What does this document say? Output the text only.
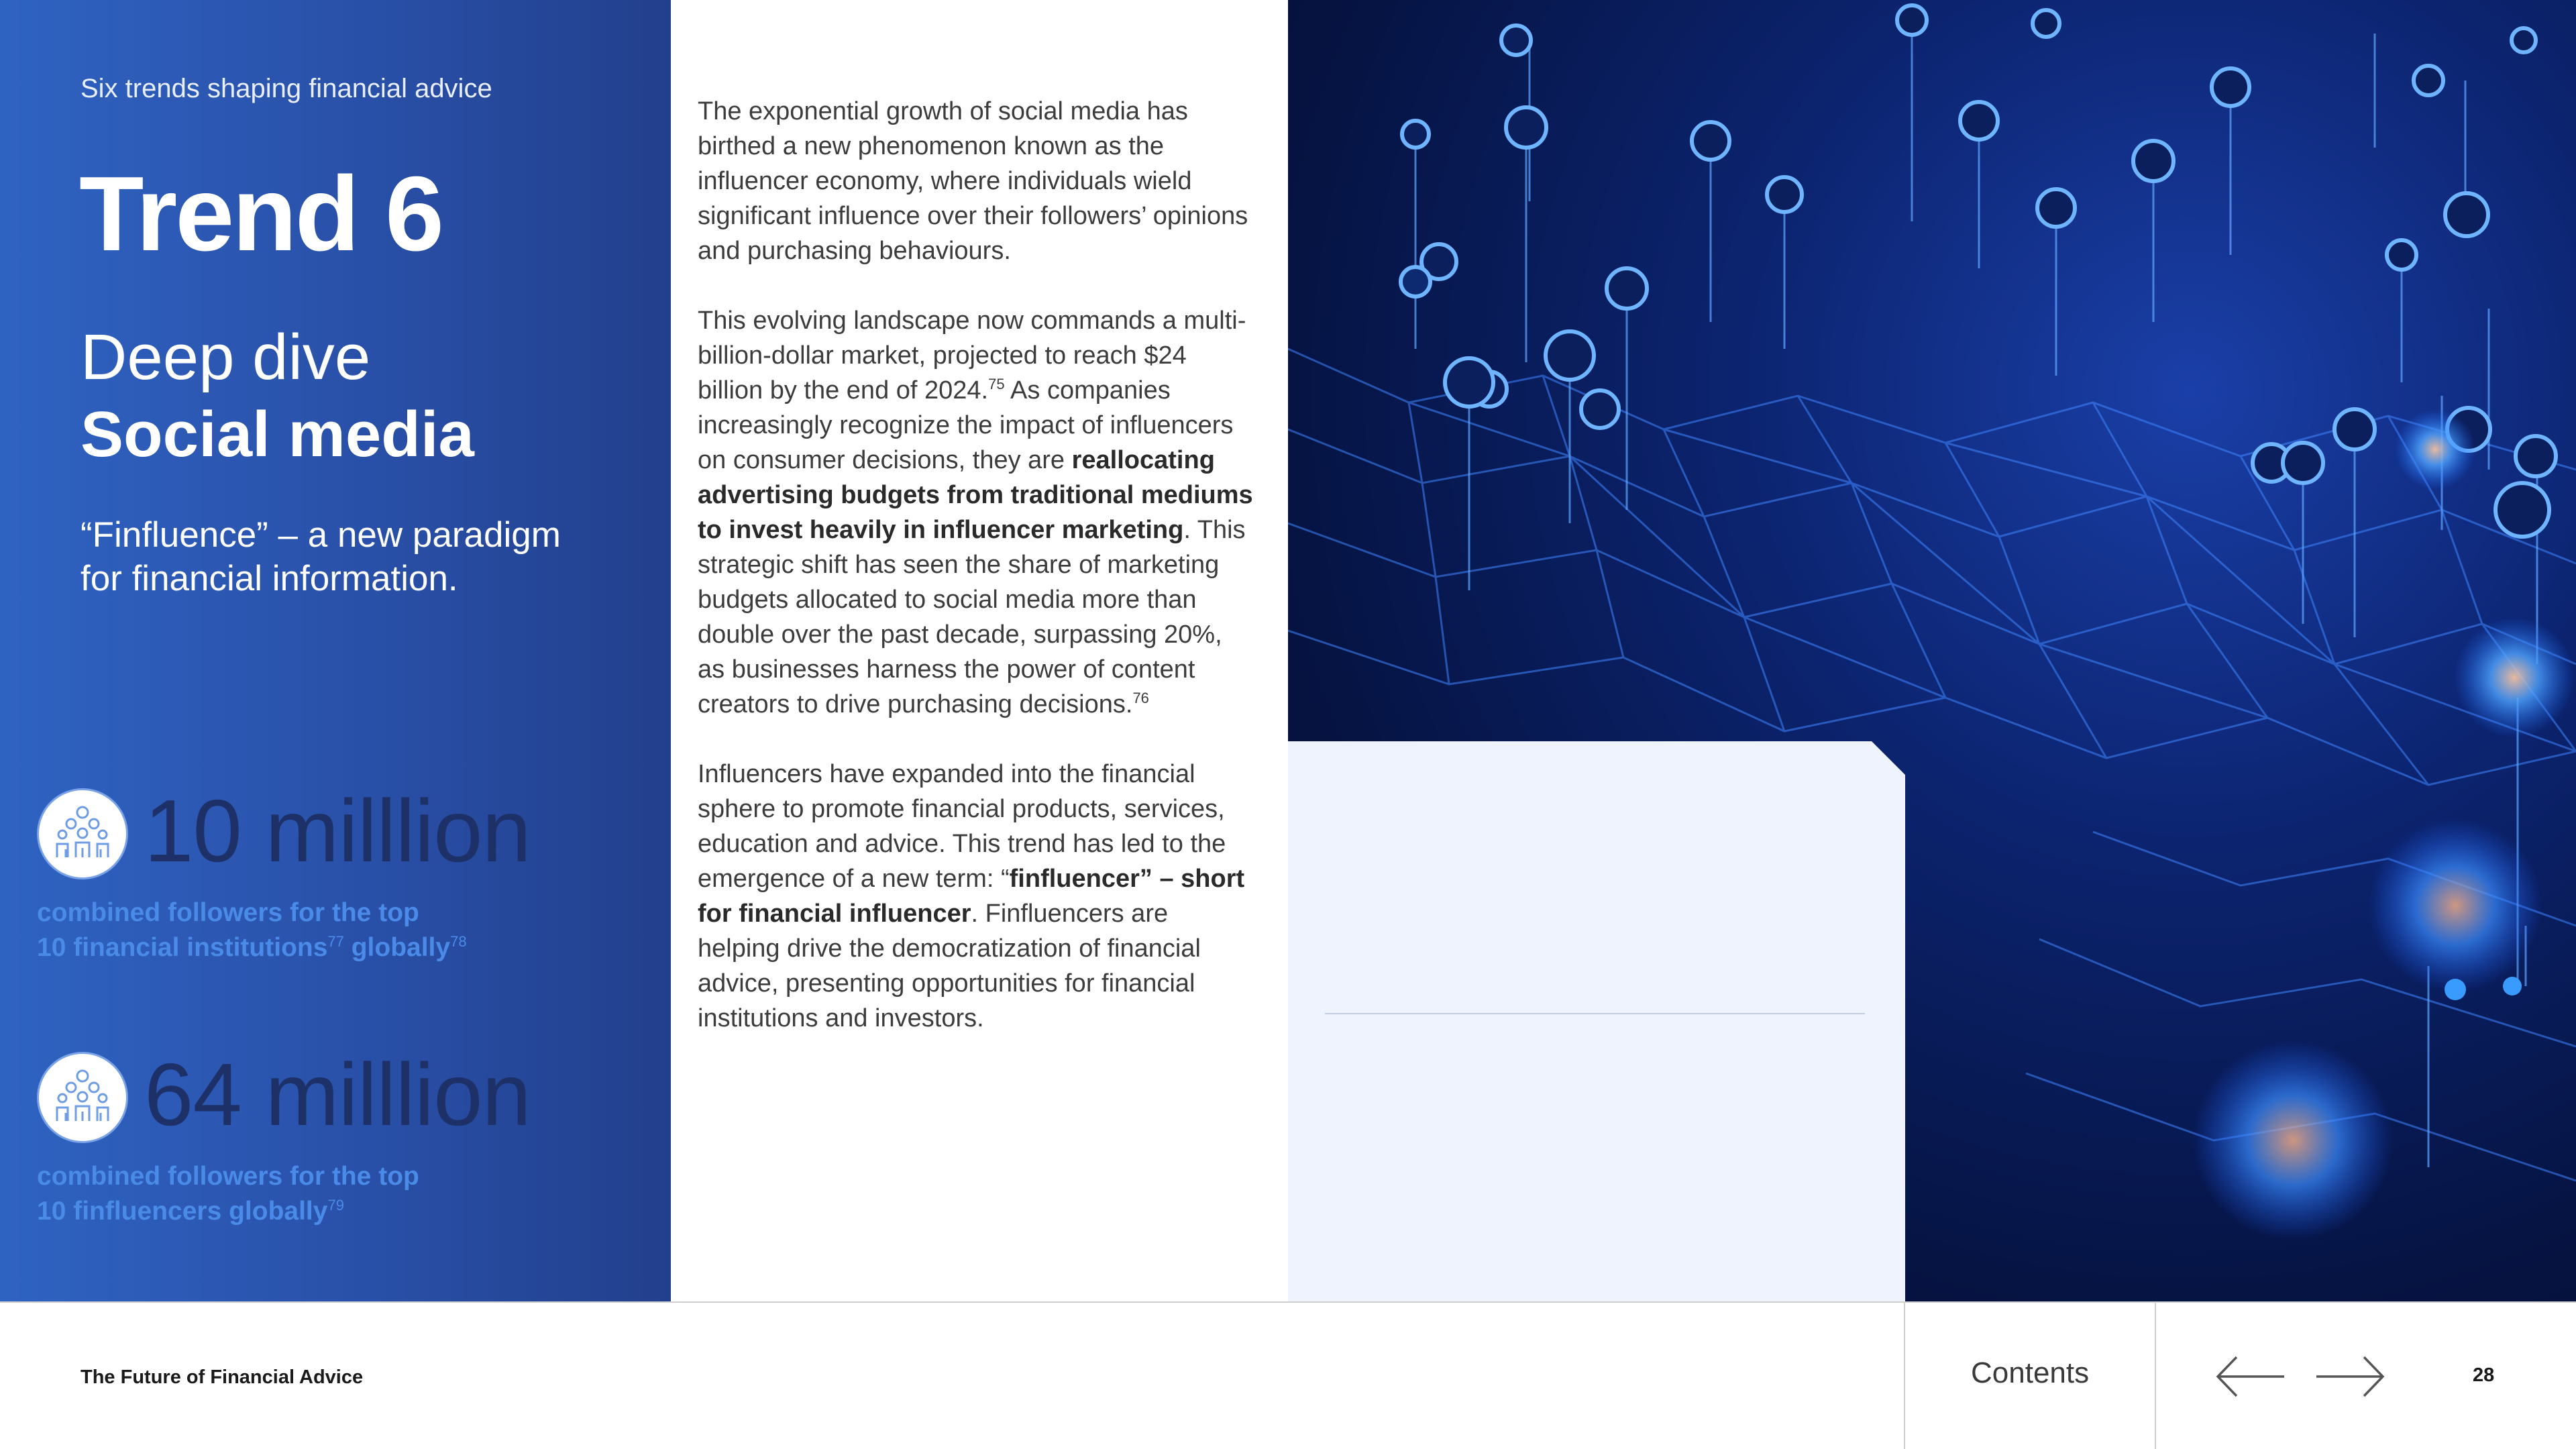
Six trends shaping financial advice
Trend 6
Deep dive
Social media
“Finfluence” – a new paradigm for financial information.

The exponential growth of social media has birthed a new phenomenon known as the influencer economy, where individuals wield significant influence over their followers’ opinions and purchasing behaviours.

This evolving landscape now commands a multi-billion-dollar market, projected to reach $24 billion by the end of 2024.75 As companies increasingly recognize the impact of influencers on consumer decisions, they are reallocating advertising budgets from traditional mediums to invest heavily in influencer marketing. This strategic shift has seen the share of marketing budgets allocated to social media more than double over the past decade, surpassing 20%, as businesses harness the power of content creators to drive purchasing decisions.$^{76}$

Influencers have expanded into the financial sphere to promote financial products, services, education and advice. This trend has led to the emergence of a new term: “finfluencer” – short for financial influencer. Finfluencers are helping drive the democratization of financial advice, presenting opportunities for financial institutions and investors.

10 milllion
combined followers for the top
10 financial institutions$^{77}$ globally$^{78}$
64 milllion
combined followers for the top
10 finfluencers globally$^{79}$
The Future of Financial Advice	Contents	28
